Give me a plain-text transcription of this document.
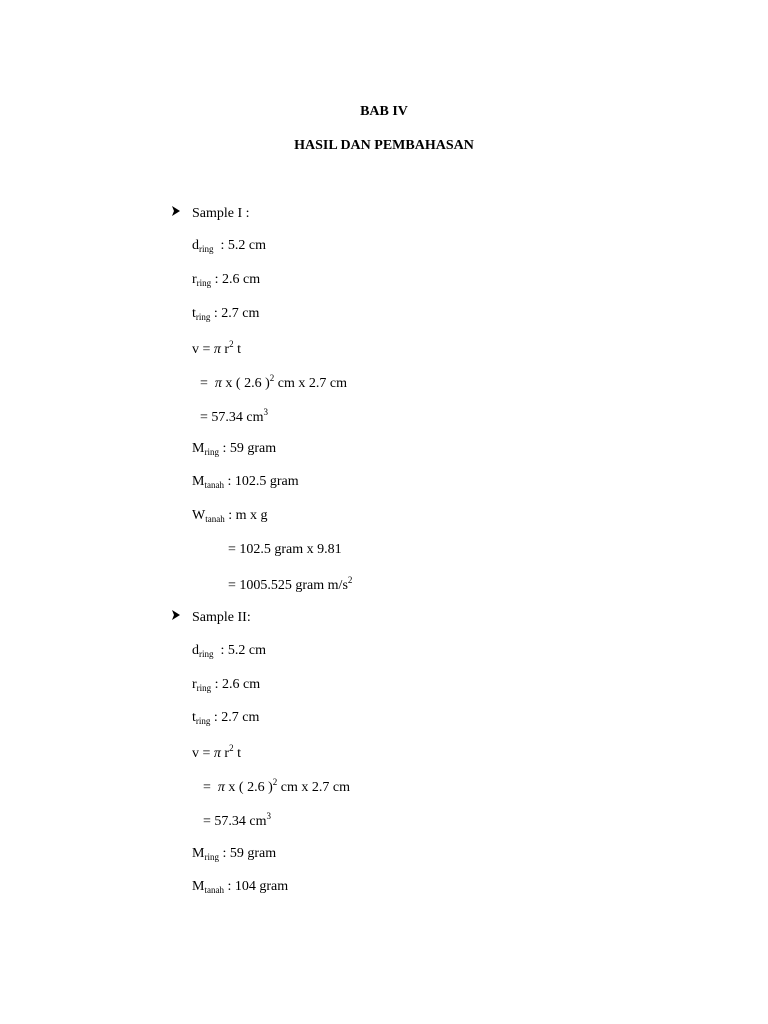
BAB IV
HASIL DAN PEMBAHASAN
Sample I :
$d_{ring}$  : 5.2 cm
$r_{ring}$ : 2.6 cm
$t_{ring}$ : 2.7 cm
v = π $r^2$ t
=  π x ( 2.6 )$^2$ cm x 2.7 cm
= 57.34 $cm^3$
$M_{ring}$ : 59 gram
$M_{tanah}$ : 102.5 gram
$W_{tanah}$ : m x g
= 102.5 gram x 9.81
= 1005.525 gram $m/s^2$
Sample II:
$d_{ring}$  : 5.2 cm
$r_{ring}$ : 2.6 cm
$t_{ring}$ : 2.7 cm
v = π $r^2$ t
=  π x ( 2.6 )$^2$ cm x 2.7 cm
= 57.34 $cm^3$
$M_{ring}$ : 59 gram
$M_{tanah}$ : 104 gram
